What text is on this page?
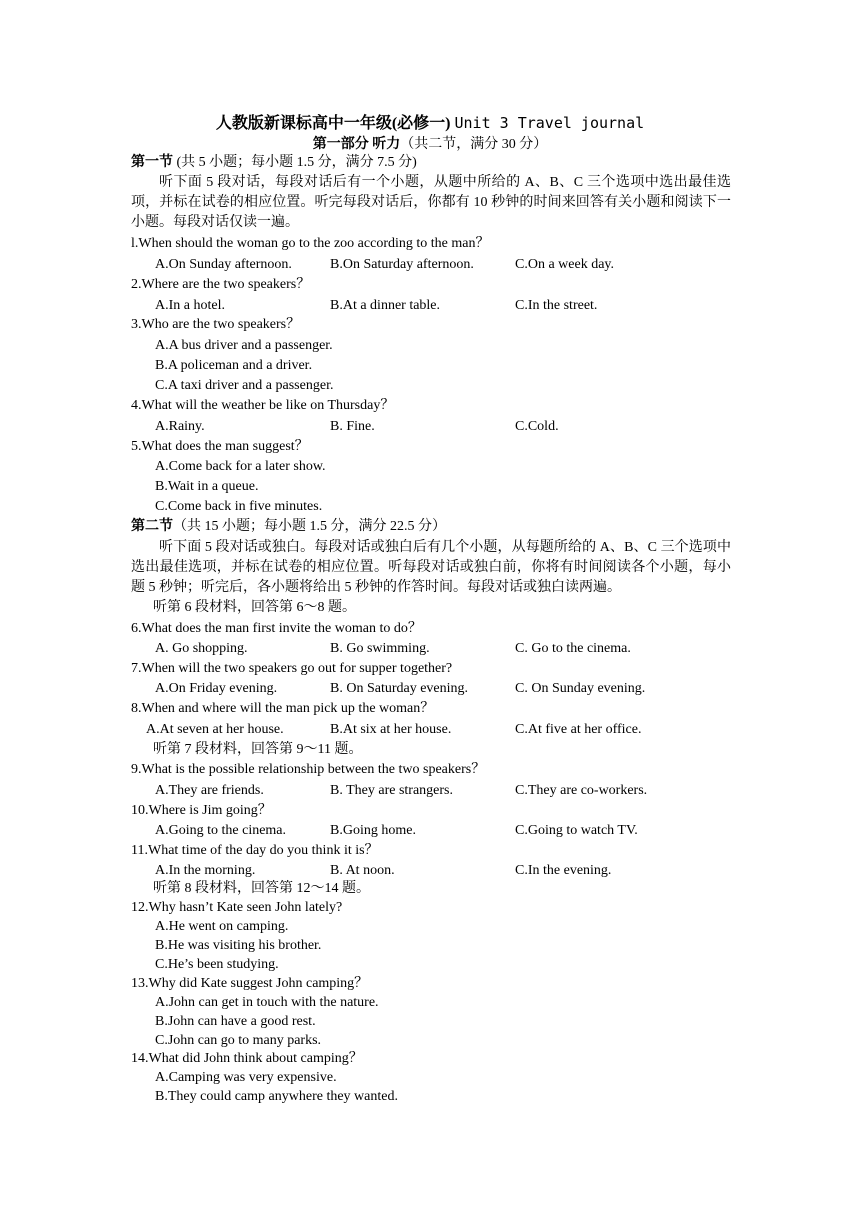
人教版新课标高中一年级(必修一) Unit 3 Travel journal
第一部分 听力（共二节，满分 30 分）
第一节 (共 5 小题；每小题 1.5 分，满分 7.5 分)
听下面 5 段对话，每段对话后有一个小题，从题中所给的 A、B、C 三个选项中选出最佳选项，并标在试卷的相应位置。听完每段对话后，你都有 10 秒钟的时间来回答有关小题和阅读下一小题。每段对话仅读一遍。
l.When should the woman go to the zoo according to the man？
A.On Sunday afternoon.	B.On Saturday afternoon.	C.On a week day.
2.Where are the two speakers？
A.In a hotel.	B.At a dinner table.	C.In the street.
3.Who are the two speakers？
A.A bus driver and a passenger.
B.A policeman and a driver.
C.A taxi driver and a passenger.
4.What will the weather be like on Thursday？
A.Rainy.	B. Fine.	C.Cold.
5.What does the man suggest？
A.Come back for a later show.
B.Wait in a queue.
C.Come back in five minutes.
第二节（共 15 小题；每小题 1.5 分，满分 22.5 分）
听下面 5 段对话或独白。每段对话或独白后有几个小题，从每题所给的 A、B、C 三个选项中选出最佳选项，并标在试卷的相应位置。听每段对话或独白前，你将有时间阅读各个小题，每小题 5 秒钟；听完后，各小题将给出 5 秒钟的作答时间。每段对话或独白读两遍。
听第 6 段材料，回答第 6～8 题。
6.What does the man first invite the woman to do？
A. Go shopping.	B. Go swimming.	C. Go to the cinema.
7.When will the two speakers go out for supper together?
A.On Friday evening.	B. On Saturday evening.	C. On Sunday evening.
8.When and where will the man pick up the woman？
A.At seven at her house.	B.At six at her house.	C.At five at her office.
听第 7 段材料，回答第 9～11 题。
9.What is the possible relationship between the two speakers？
A.They are friends.	B. They are strangers.	C.They are co-workers.
10.Where is Jim going？
A.Going to the cinema.	B.Going home.	C.Going to watch TV.
11.What time of the day do you think it is？
A.In the morning.	B. At noon.	C.In the evening.
听第 8 段材料，回答第 12～14 题。
12.Why hasn’t Kate seen John lately?
A.He went on camping.
B.He was visiting his brother.
C.He’s been studying.
13.Why did Kate suggest John camping？
A.John can get in touch with the nature.
B.John can have a good rest.
C.John can go to many parks.
14.What did John think about camping？
A.Camping was very expensive.
B.They could camp anywhere they wanted.
